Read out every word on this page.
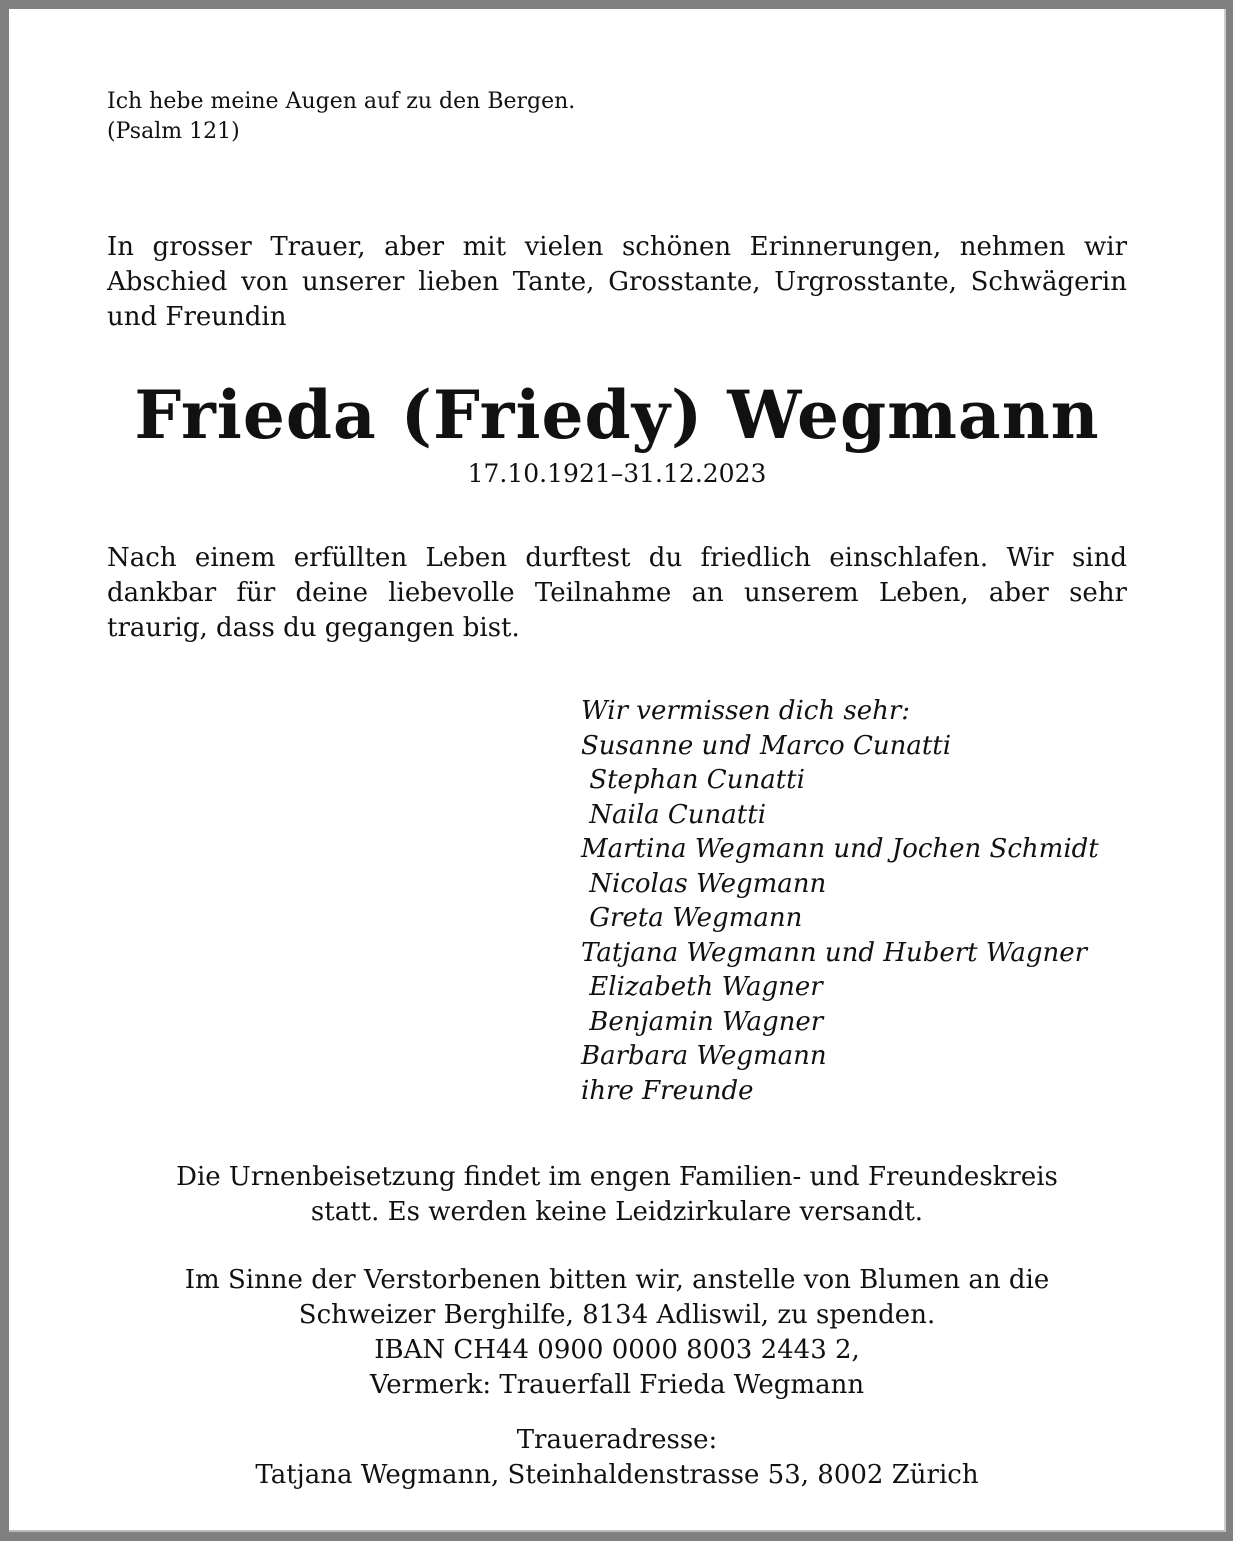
Ich hebe meine Augen auf zu den Bergen.
(Psalm 121)

In grosser Trauer, aber mit vielen schönen Erinnerungen, nehmen wir Abschied von unserer lieben Tante, Grosstante, Urgrosstante, Schwägerin und Freundin

Frieda (Friedy) Wegmann

17.10.1921–31.12.2023

Nach einem erfüllten Leben durftest du friedlich einschlafen. Wir sind dankbar für deine liebevolle Teilnahme an unserem Leben, aber sehr traurig, dass du gegangen bist.

Wir vermissen dich sehr:
Susanne und Marco Cunatti
Stephan Cunatti
Naila Cunatti
Martina Wegmann und Jochen Schmidt
Nicolas Wegmann
Greta Wegmann
Tatjana Wegmann und Hubert Wagner
Elizabeth Wagner
Benjamin Wagner
Barbara Wegmann
ihre Freunde

Die Urnenbeisetzung findet im engen Familien- und Freundeskreis
statt. Es werden keine Leidzirkulare versandt.

Im Sinne der Verstorbenen bitten wir, anstelle von Blumen an die
Schweizer Berghilfe, 8134 Adliswil, zu spenden.
IBAN CH44 0900 0000 8003 2443 2,
Vermerk: Trauerfall Frieda Wegmann

Traueradresse:
Tatjana Wegmann, Steinhaldenstrasse 53, 8002 Zürich
